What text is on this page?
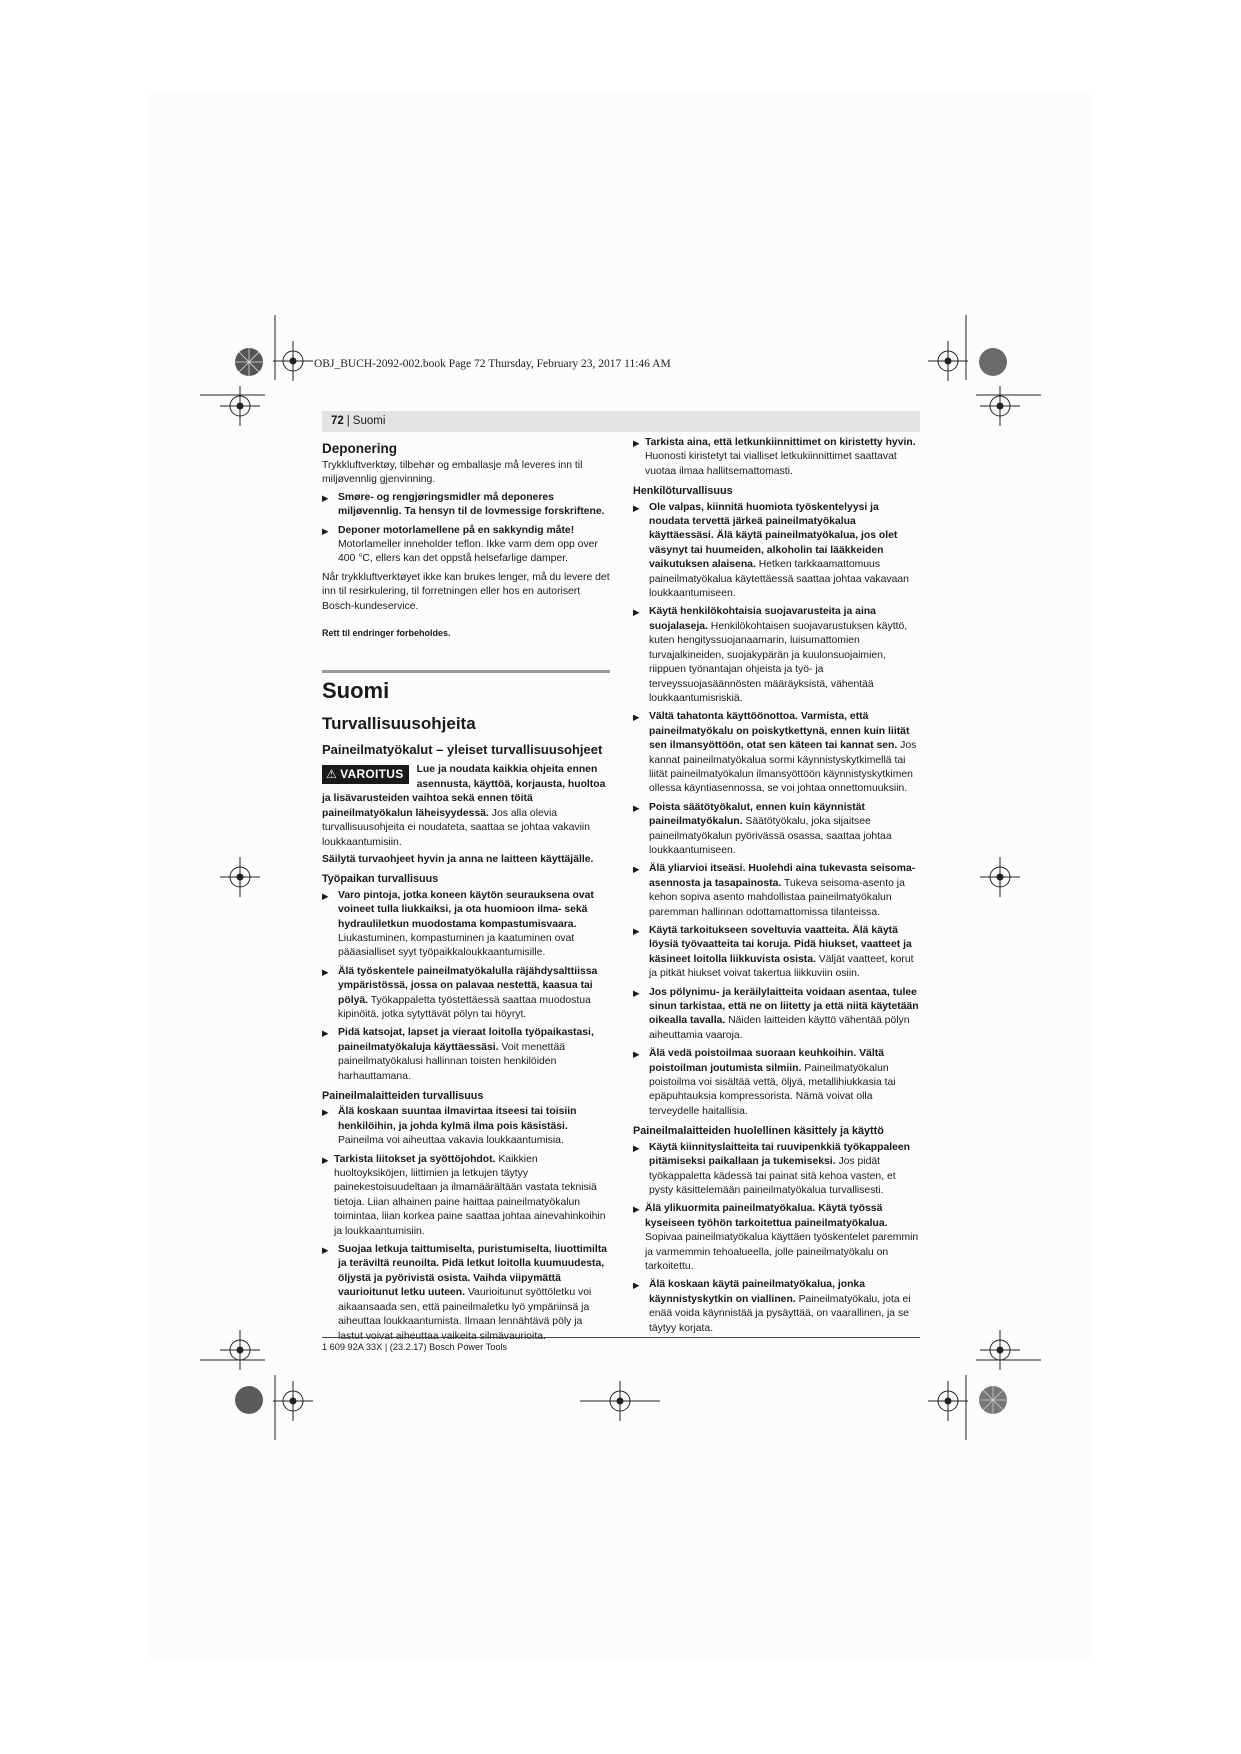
OBJ_BUCH-2092-002.book Page 72 Thursday, February 23, 2017 11:46 AM
72 | Suomi
Deponering

Trykkluftverktøy, tilbehør og emballasje må leveres inn til miljøvennlig gjenvinning.

▶ Smøre- og rengjøringsmidler må deponeres miljøvennlig. Ta hensyn til de lovmessige forskriftene.
▶ Deponer motorlamellene på en sakkyndig måte! Motorlameller inneholder teflon. Ikke varm dem opp over 400 °C, ellers kan det oppstå helsefarlige damper.

Når trykkluftverktøyet ikke kan brukes lenger, må du levere det inn til resirkulering, til forretningen eller hos en autorisert Bosch-kundeservice.

Rett til endringer forbeholdes.
Suomi
Turvallisuusohjeita
Paineilmatyökalut – yleiset turvallisuusohjeet
⚠ VAROITUS	Lue ja noudata kaikkia ohjeita ennen asennusta, käyttöä, korjausta, huoltoa ja lisävarusteiden vaihtoa sekä ennen töitä paineilmatyökalun läheisyydessä. Jos alla olevia turvallisuusohjeita ei noudateta, saattaa se johtaa vakaviin loukkaantumisiin.

Säilytä turvaohjeet hyvin ja anna ne laitteen käyttäjälle.

Työpaikan turvallisuus
▶ Varo pintoja, jotka koneen käytön seurauksena ovat voineet tulla liukkaiksi, ja ota huomioon ilma- sekä hydrauliletkun muodostama kompastumisvaara. Liukastuminen, kompastuminen ja kaatuminen ovat pääasialliset syyt työpaikkaloukkaantumisille.
▶ Älä työskentele paineilmatyökalulla räjähdysalttiissa ympäristössä, jossa on palavaa nestettä, kaasua tai pölyä. Työkappaletta työstettäessä saattaa muodostua kipinöitä, jotka sytyttävät pölyn tai höyryt.
▶ Pidä katsojat, lapset ja vieraat loitolla työpaikastasi, paineilmatyökaluja käyttäessäsi. Voit menettää paineilmatyökalusi hallinnan toisten henkilöiden harhauttamana.
Paineilmalaitteiden turvallisuus
▶ Älä koskaan suuntaa ilmavirtaa itseesi tai toisiin henkilöihin, ja johda kylmä ilma pois käsistäsi. Paineilma voi aiheuttaa vakavia loukkaantumisia.
▶ Tarkista liitokset ja syöttöjohdot. Kaikkien huoltoyksiköjen, liittimien ja letkujen täytyy painekestoisuudeltaan ja ilmamäärältään vastata teknisiä tietoja. Liian alhainen paine haittaa paineilmatyökalun toimintaa, liian korkea paine saattaa johtaa ainevahinkoihin ja loukkaantumisiin.
▶ Suojaa letkuja taittumiselta, puristumiselta, liuottimilta ja teräviltä reunoilta. Pidä letkut loitolla kuumuudesta, öljystä ja pyörivistä osista. Vaihda viipymättä vaurioitunut letku uuteen. Vaurioitunut syöttöletku voi aikaansaada sen, että paineilmaletku lyö ympäriinsä ja aiheuttaa loukkaantumista. Ilmaan lennähtävä pöly ja lastut voivat aiheuttaa vaikeita silmävaurioita.
▶ Tarkista aina, että letkunkiinnittimet on kiristetty hyvin. Huonosti kiristetyt tai vialliset letkukiinnittimet saattavat vuotaa ilmaa hallitsemattomasti.
Henkilöturvallisuus
▶ Ole valpas, kiinnitä huomiota työskentelyysi ja noudata tervettä järkeä paineilmatyökalua käyttäessäsi. Älä käytä paineilmatyökalua, jos olet väsynyt tai huumeiden, alkoholin tai lääkkeiden vaikutuksen alaisena. Hetken tarkkaamattomuus paineilmatyökalua käytettäessä saattaa johtaa vakavaan loukkaantumiseen.
▶ Käytä henkilökohtaisia suojavarusteita ja aina suojalaseja. Henkilökohtaisen suojavarustuksen käyttö, kuten hengityssuojanaamarin, luisumattomien turvajalkineiden, suojakypärän ja kuulonsuojaimien, riippuen työnantajan ohjeista ja työ- ja terveyssuojasäännösten määräyksistä, vähentää loukkaantumisriskiä.
▶ Vältä tahatonta käyttöönottoa. Varmista, että paineilmatyökalu on poiskytkettynä, ennen kuin liität sen ilmansyöttöön, otat sen käteen tai kannat sen. Jos kannat paineilmatyökalua sormi käynnistyskytkimellä tai liität paineilmatyökalun ilmansyöttöön käynnistyskytkimen ollessa käyntiasennossa, se voi johtaa onnettomuuksiin.
▶ Poista säätötyökalut, ennen kuin käynnistät paineilmatyökalun. Säätötyökalu, joka sijaitsee paineilmatyökalun pyörivässä osassa, saattaa johtaa loukkaantumiseen.
▶ Älä yliarvioi itseäsi. Huolehdi aina tukevasta seisoma-asennosta ja tasapainosta. Tukeva seisoma-asento ja kehon sopiva asento mahdollistaa paineilmatyökalun paremman hallinnan odottamattomissa tilanteissa.
▶ Käytä tarkoitukseen soveltuvia vaatteita. Älä käytä löysiä työvaatteita tai koruja. Pidä hiukset, vaatteet ja käsineet loitolla liikkuvista osista. Väljät vaatteet, korut ja pitkät hiukset voivat takertua liikkuviin osiin.
▶ Jos pölynimu- ja keräilylaitteita voidaan asentaa, tulee sinun tarkistaa, että ne on liitetty ja että niitä käytetään oikealla tavalla. Näiden laitteiden käyttö vähentää pölyn aiheuttamia vaaroja.
▶ Älä vedä poistoilmaa suoraan keuhkoihin. Vältä poistoilman joutumista silmiin. Paineilmatyökalun poistoilma voi sisältää vettä, öljyä, metallihiukkasia tai epäpuhtauksia kompressorista. Nämä voivat olla terveydelle haitallisia.
Paineilmalaitteiden huolellinen käsittely ja käyttö
▶ Käytä kiinnityslaitteita tai ruuvipenkkiä työkappaleen pitämiseksi paikallaan ja tukemiseksi. Jos pidät työkappaletta kädessä tai painat sitä kehoa vasten, et pysty käsittelemään paineilmatyökalua turvallisesti.
▶ Älä ylikuormita paineilmatyökalua. Käytä työssä kyseiseen työhön tarkoitettua paineilmatyökalua. Sopivaa paineilmatyökalua käyttäen työskentelet paremmin ja varmemmin tehoalueella, jolle paineilmatyökalu on tarkoitettu.
▶ Älä koskaan käytä paineilmatyökalua, jonka käynnistyskytkin on viallinen. Paineilmatyökalu, jota ei enää voida käynnistää ja pysäyttää, on vaarallinen, ja se täytyy korjata.
1 609 92A 33X | (23.2.17) Bosch Power Tools
